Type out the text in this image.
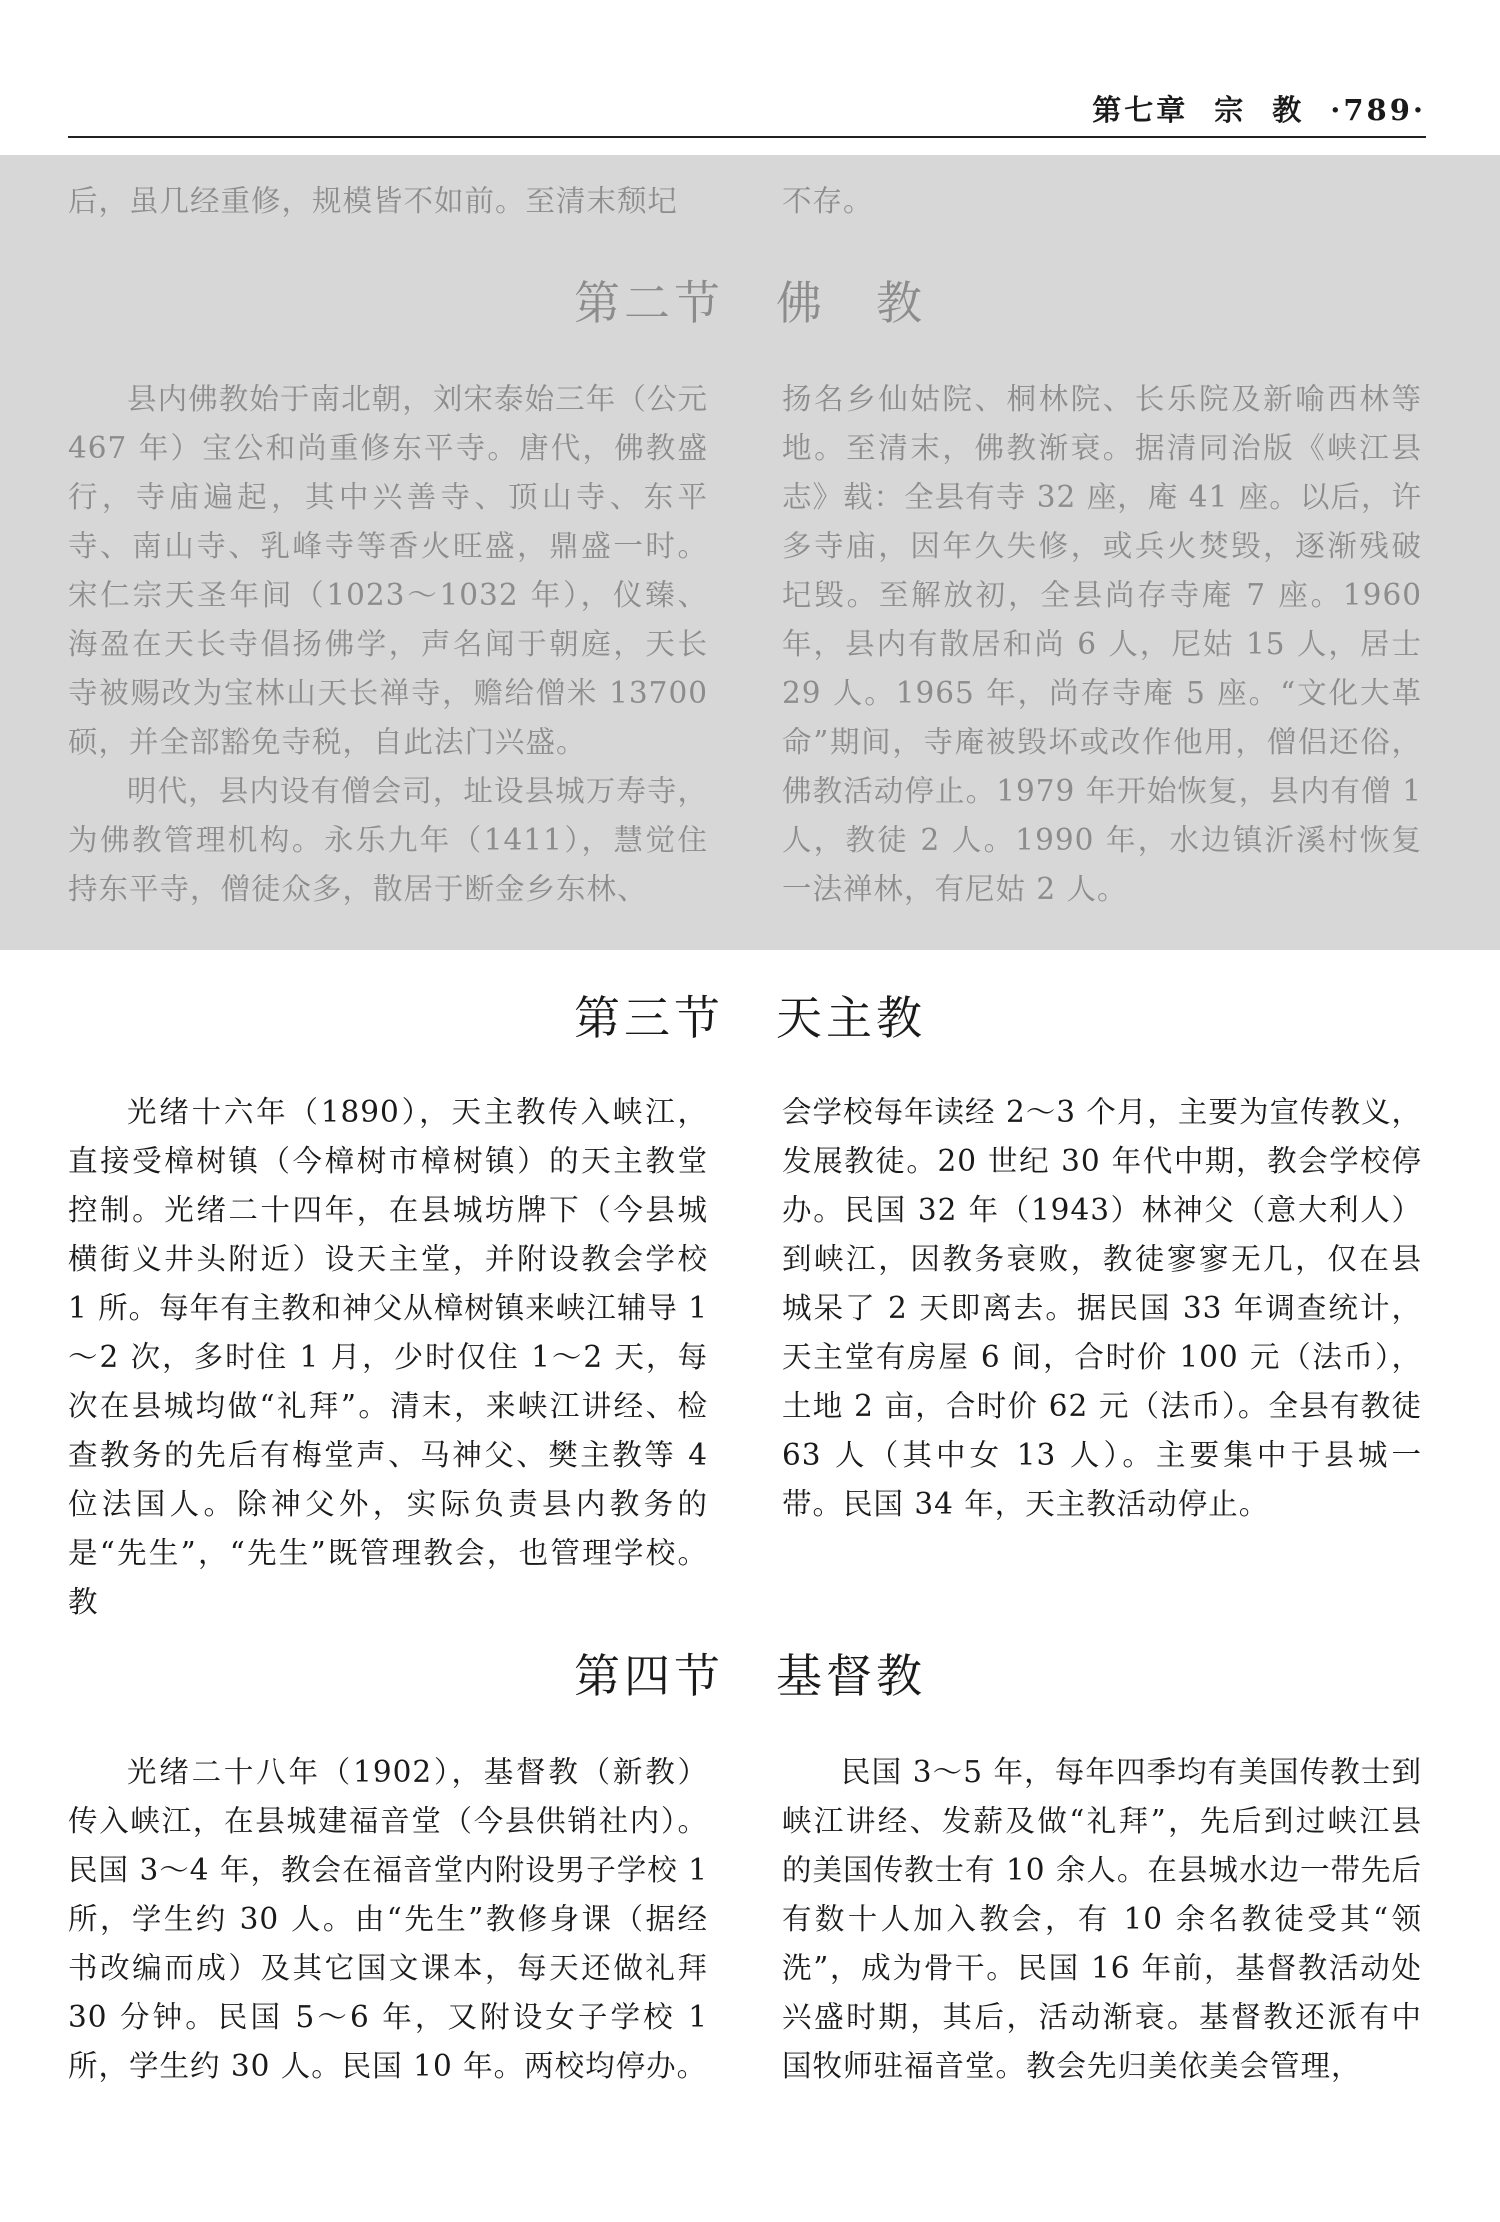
第七章 宗 教 ·789·

后，虽几经重修，规模皆不如前。至清末颓圮	不存。

第二节 佛　教

县内佛教始于南北朝，刘宋泰始三年（公元 467 年）宝公和尚重修东平寺。唐代，佛教盛行，寺庙遍起，其中兴善寺、顶山寺、东平寺、南山寺、乳峰寺等香火旺盛，鼎盛一时。宋仁宗天圣年间（1023～1032 年），仪臻、海盈在天长寺倡扬佛学，声名闻于朝庭，天长寺被赐改为宝林山天长禅寺，赡给僧米 13700 硕，并全部豁免寺税，自此法门兴盛。

明代，县内设有僧会司，址设县城万寿寺，为佛教管理机构。永乐九年（1411），慧觉住持东平寺，僧徒众多，散居于断金乡东林、

扬名乡仙姑院、桐林院、长乐院及新喻西林等地。至清末，佛教渐衰。据清同治版《峡江县志》载：全县有寺 32 座，庵 41 座。以后，许多寺庙，因年久失修，或兵火焚毁，逐渐残破圮毁。至解放初，全县尚存寺庵 7 座。1960 年，县内有散居和尚 6 人，尼姑 15 人，居士 29 人。1965 年，尚存寺庵 5 座。“文化大革命”期间，寺庵被毁坏或改作他用，僧侣还俗，佛教活动停止。1979 年开始恢复，县内有僧 1 人，教徒 2 人。1990 年，水边镇沂溪村恢复一法禅林，有尼姑 2 人。

第三节 天主教

光绪十六年（1890），天主教传入峡江，直接受樟树镇（今樟树市樟树镇）的天主教堂控制。光绪二十四年，在县城坊牌下（今县城横街义井头附近）设天主堂，并附设教会学校 1 所。每年有主教和神父从樟树镇来峡江辅导 1～2 次，多时住 1 月，少时仅住 1～2 天，每次在县城均做“礼拜”。清末，来峡江讲经、检查教务的先后有梅堂声、马神父、樊主教等 4 位法国人。除神父外，实际负责县内教务的是“先生”，“先生”既管理教会，也管理学校。教

会学校每年读经 2～3 个月，主要为宣传教义，发展教徒。20 世纪 30 年代中期，教会学校停办。民国 32 年（1943）林神父（意大利人）到峡江，因教务衰败，教徒寥寥无几，仅在县城呆了 2 天即离去。据民国 33 年调查统计，天主堂有房屋 6 间，合时价 100 元（法币），土地 2 亩，合时价 62 元（法币）。全县有教徒 63 人（其中女 13 人）。主要集中于县城一带。民国 34 年，天主教活动停止。

第四节 基督教

光绪二十八年（1902），基督教（新教）传入峡江，在县城建福音堂（今县供销社内）。民国 3～4 年，教会在福音堂内附设男子学校 1 所，学生约 30 人。由“先生”教修身课（据经书改编而成）及其它国文课本，每天还做礼拜 30 分钟。民国 5～6 年，又附设女子学校 1 所，学生约 30 人。民国 10 年。两校均停办。

民国 3～5 年，每年四季均有美国传教士到峡江讲经、发薪及做“礼拜”，先后到过峡江县的美国传教士有 10 余人。在县城水边一带先后有数十人加入教会，有 10 余名教徒受其“领洗”，成为骨干。民国 16 年前，基督教活动处兴盛时期，其后，活动渐衰。基督教还派有中国牧师驻福音堂。教会先归美依美会管理，
